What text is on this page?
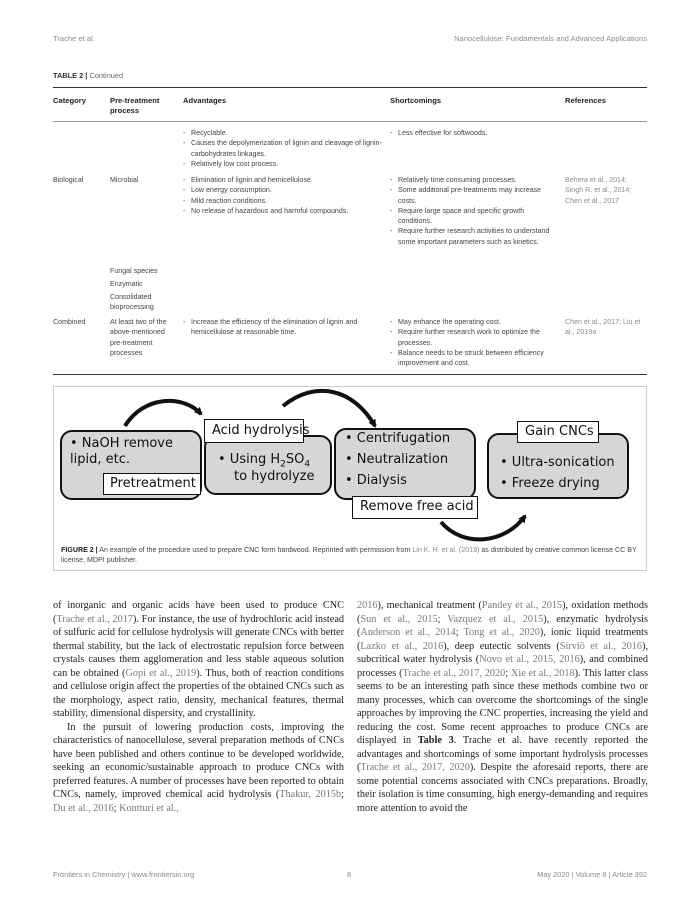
Trache et al.	Nanocellulose: Fundamentals and Advanced Applications
TABLE 2 | Continued
Category	Pre-treatment process
Advantages	Shortcomings	References
- Recyclable.
- Causes the depolymerization of lignin and cleavage of lignin-carbohydrates linkages.
- Relatively low cost process.
- Less effective for softwoods.
Biological	Microbial
-	Elimination of lignin and hemicellulose.
- Low energy consumption.
- Mild reaction conditions.
- No release of hazardous and harmful compounds.
- Relatively time consuming processes.
- Some additional pre-treatments may increase costs.
- Require large space and specific growth conditions.
- Require further research activities to understand some important parameters such as kinetics.
Behera et al., 2014; Singh R. et al., 2014; Chen et al., 2017
Fungal species
Enzymatic
Consolidated bioprocessing
Combined	At least two of the above-mentioned pre-treatment processes
- Increase the efficiency of the elimination of lignin and hemicellulose at reasonable time.
- May enhance the operating cost.
- Require further research work to optimize the processes.
- Balance needs to be struck between efficiency improvement and cost.
Chen et al., 2017; Liu et al., 2019a
• NaOH remove lipid, etc.
Pretreatment
Acid hydrolysis
• Using $H_2SO_4$
to hydrolyze
• Centrifugation
• Neutralization
• Dialysis
Remove free acid
Gain CNCs
• Ultra-sonication
• Freeze drying
FIGURE 2 | An example of the procedure used to prepare CNC form hardwood. Reprinted with permission from Lin K. H. et al. (2019) as distributed by creative common license CC BY license, MDPI publisher.

of inorganic and organic acids have been used to produce CNC (Trache et al., 2017). For instance, the use of hydrochloric acid instead of sulfuric acid for cellulose hydrolysis will generate CNCs with better thermal stability, but the lack of electrostatic repulsion force between crystals causes them agglomeration and less stable aqueous solution can be obtained (Gopi et al., 2019). Thus, both of reaction conditions and cellulose origin affect the properties of the obtained CNCs such as the morphology, aspect ratio, density, mechanical features, thermal stability, dimensional dispersity, and crystallinity.

In the pursuit of lowering production costs, improving the characteristics of nanocellulose, several preparation methods of CNCs have been published and others continue to be developed worldwide, seeking an economic/sustainable approach to produce CNCs with preferred features. A number of processes have been reported to obtain CNCs, namely, improved chemical acid hydrolysis (Thakur, 2015b; Du et al., 2016; Kontturi et al.,

2016), mechanical treatment (Pandey et al., 2015), oxidation methods (Sun et al., 2015; Vazquez et al., 2015), enzymatic hydrolysis (Anderson et al., 2014; Tong et al., 2020), ionic liquid treatments (Lazko et al., 2016), deep eutectic solvents (Sirviö et al., 2016), subcritical water hydrolysis (Novo et al., 2015, 2016), and combined processes (Trache et al., 2017, 2020; Xie et al., 2018). This latter class seems to be an interesting path since these methods combine two or many processes, which can overcome the shortcomings of the single approaches by improving the CNC properties, increasing the yield and reducing the cost. Some recent approaches to produce CNCs are displayed in Table 3. Trache et al. have recently reported the advantages and shortcomings of some important hydrolysis processes (Trache et al., 2017, 2020). Despite the aforesaid reports, there are some potential concerns associated with CNCs preparations. Broadly, their isolation is time consuming, high energy-demanding and requires more attention to avoid the

Frontiers in Chemistry | www.frontiersin.org	8	May 2020 | Volume 8 | Article 392
